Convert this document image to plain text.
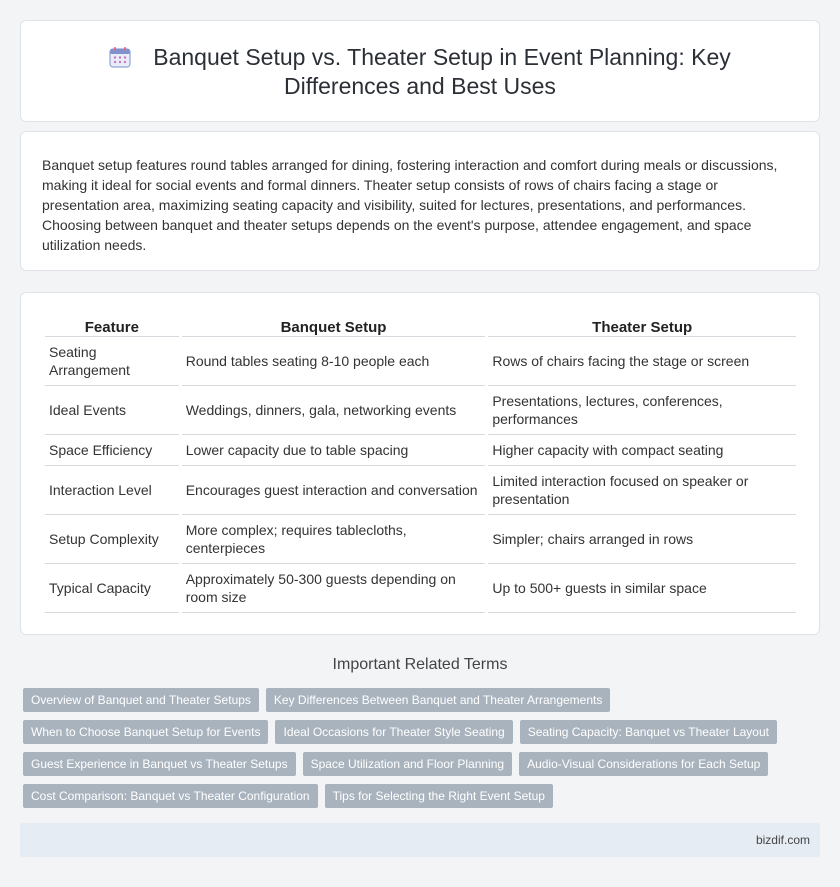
Banquet Setup vs. Theater Setup in Event Planning: Key
Differences and Best Uses

Banquet setup features round tables arranged for dining, fostering interaction and comfort during meals or discussions, making it ideal for social events and formal dinners. Theater setup consists of rows of chairs facing a stage or presentation area, maximizing seating capacity and visibility, suited for lectures, presentations, and performances. Choosing between banquet and theater setups depends on the event's purpose, attendee engagement, and space utilization needs.

Feature	Banquet Setup	Theater Setup
Seating Arrangement	Round tables seating 8-10 people each	Rows of chairs facing the stage or screen
Ideal Events	Weddings, dinners, gala, networking events	Presentations, lectures, conferences, performances
Space Efficiency	Lower capacity due to table spacing	Higher capacity with compact seating
Interaction Level	Encourages guest interaction and conversation	Limited interaction focused on speaker or presentation
Setup Complexity	More complex; requires tablecloths, centerpieces	Simpler; chairs arranged in rows
Typical Capacity	Approximately 50-300 guests depending on room size	Up to 500+ guests in similar space
Important Related Terms
Overview of Banquet and Theater Setups	Key Differences Between Banquet and Theater Arrangements
When to Choose Banquet Setup for Events	Ideal Occasions for Theater Style Seating	Seating Capacity: Banquet vs Theater Layout
Guest Experience in Banquet vs Theater Setups	Space Utilization and Floor Planning	Audio-Visual Considerations for Each Setup
Cost Comparison: Banquet vs Theater Configuration	Tips for Selecting the Right Event Setup
bizdif.com
